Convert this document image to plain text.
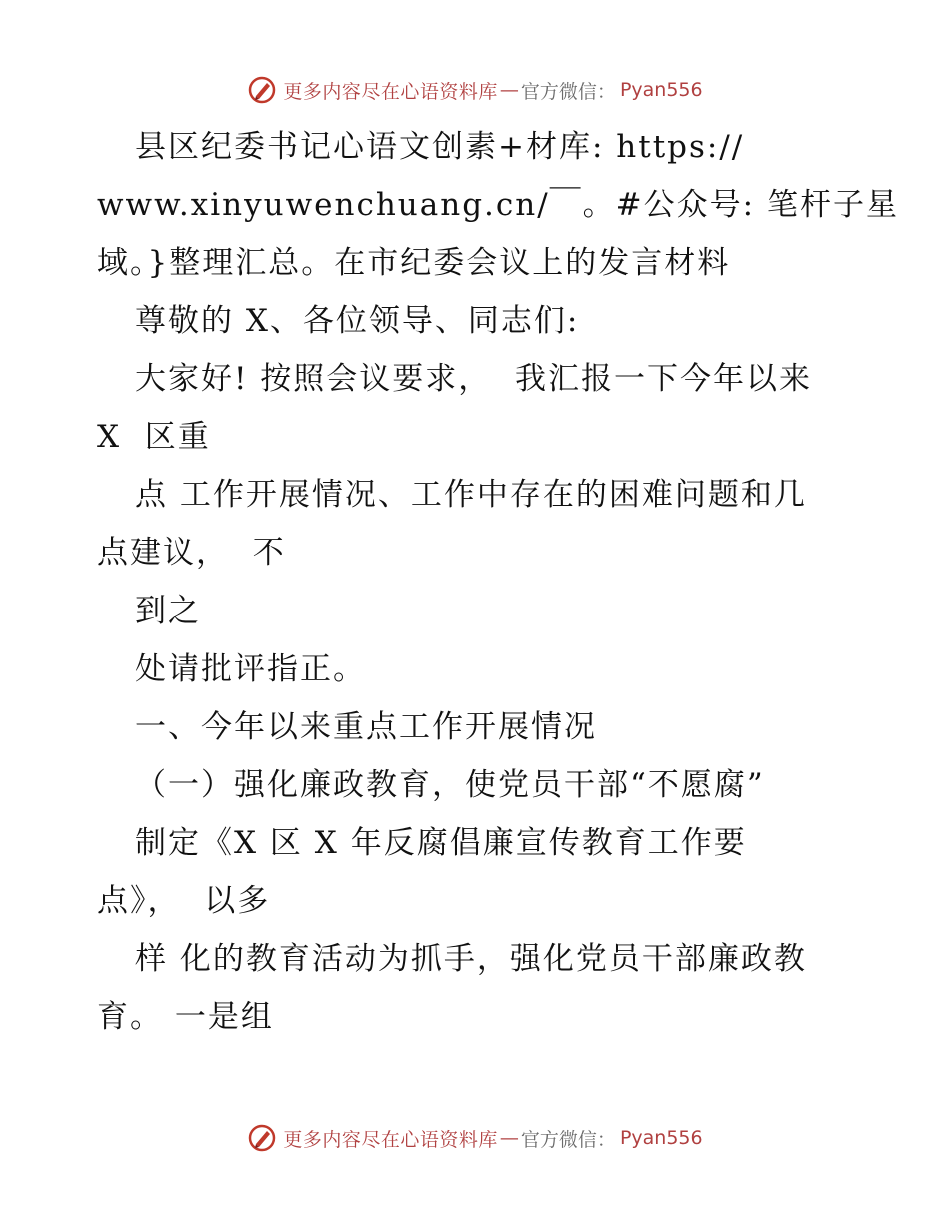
更多内容尽在心语资料库 — 官方微信： Pyan556
县区纪委书记心语文创素+材库: https://
www.xinyuwenchuang.cn/￣。#公众号: 笔杆子星
域。}整理汇总。在市纪委会议上的发言材料
尊敬的 X、各位领导、同志们:
大家好! 按照会议要求，  我汇报一下今年以来
X  区重
点 工作开展情况、工作中存在的困难问题和几
点建议，  不
到之
处请批评指正。
一、今年以来重点工作开展情况
（一）强化廉政教育，使党员干部“不愿腐”
制定《X 区 X 年反腐倡廉宣传教育工作要
点》，  以多
样 化的教育活动为抓手，强化党员干部廉政教
育。 一是组
更多内容尽在心语资料库 — 官方微信： Pyan556
